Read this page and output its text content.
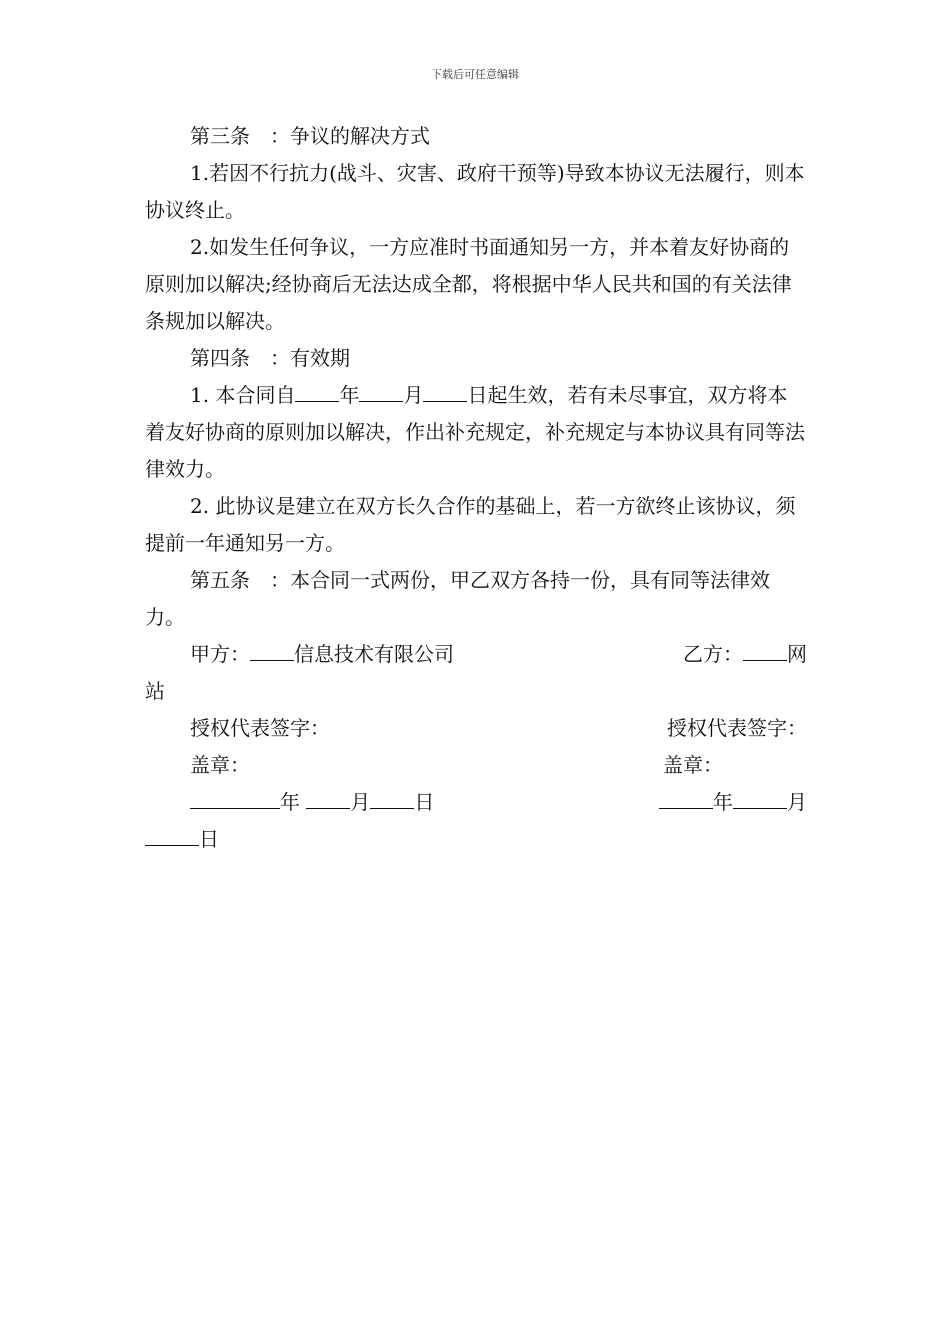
下载后可任意编辑

第三条　：争议的解决方式

1.若因不行抗力(战斗、灾害、政府干预等)导致本协议无法履行，则本协议终止。

2.如发生任何争议，一方应准时书面通知另一方，并本着友好协商的原则加以解决;经协商后无法达成全都，将根据中华人民共和国的有关法律条规加以解决。

第四条　：有效期

1. 本合同自 年 月 日起生效，若有未尽事宜，双方将本着友好协商的原则加以解决，作出补充规定，补充规定与本协议具有同等法律效力。

2. 此协议是建立在双方长久合作的基础上，若一方欲终止该协议，须提前一年通知另一方。

第五条　：本合同一式两份，甲乙双方各持一份，具有同等法律效力。

甲方： 信息技术有限公司	乙方： 网

站

授权代表签字：	授权代表签字：
盖章：	盖章：
年	月 日	年	月

日
